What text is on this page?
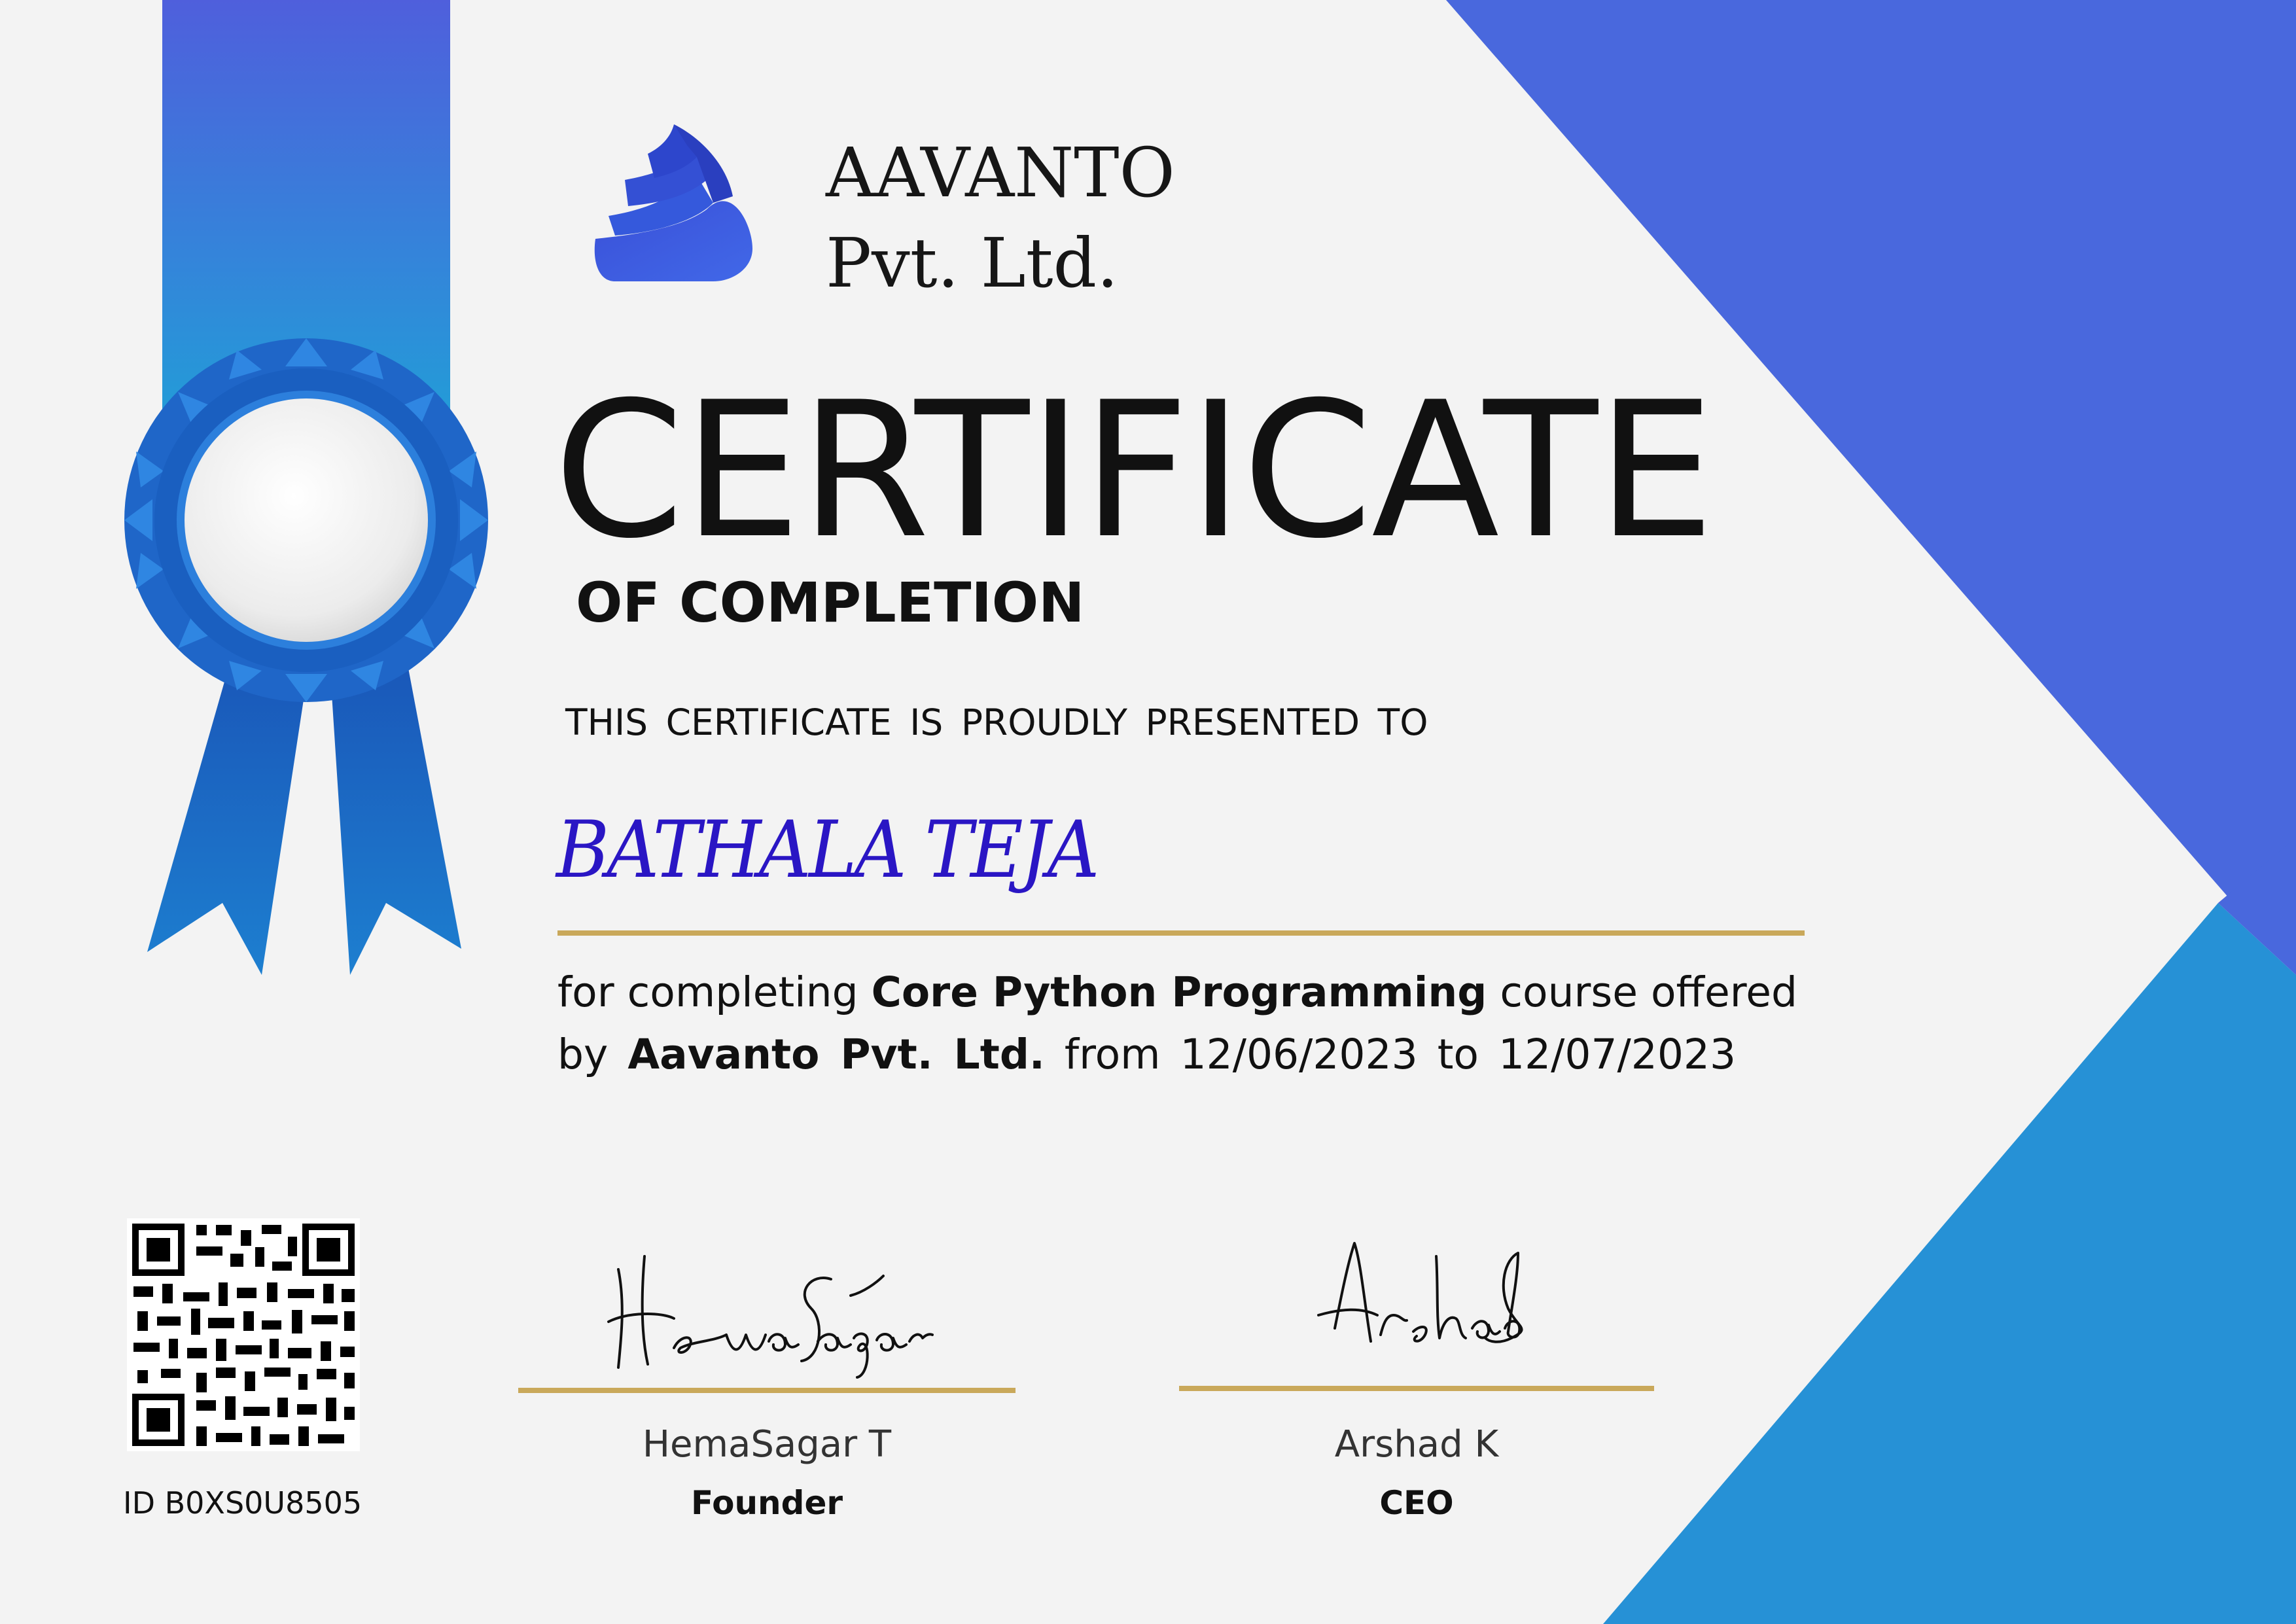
AAVANTO
Pvt. Ltd.
CERTIFICATE
OF COMPLETION
THIS CERTIFICATE IS PROUDLY PRESENTED TO
BATHALA TEJA
for completing Core Python Programming course offered
by Aavanto Pvt. Ltd. from 12/06/2023 to 12/07/2023
HemaSagar T
Founder
Arshad K
CEO
ID B0XS0U8505
